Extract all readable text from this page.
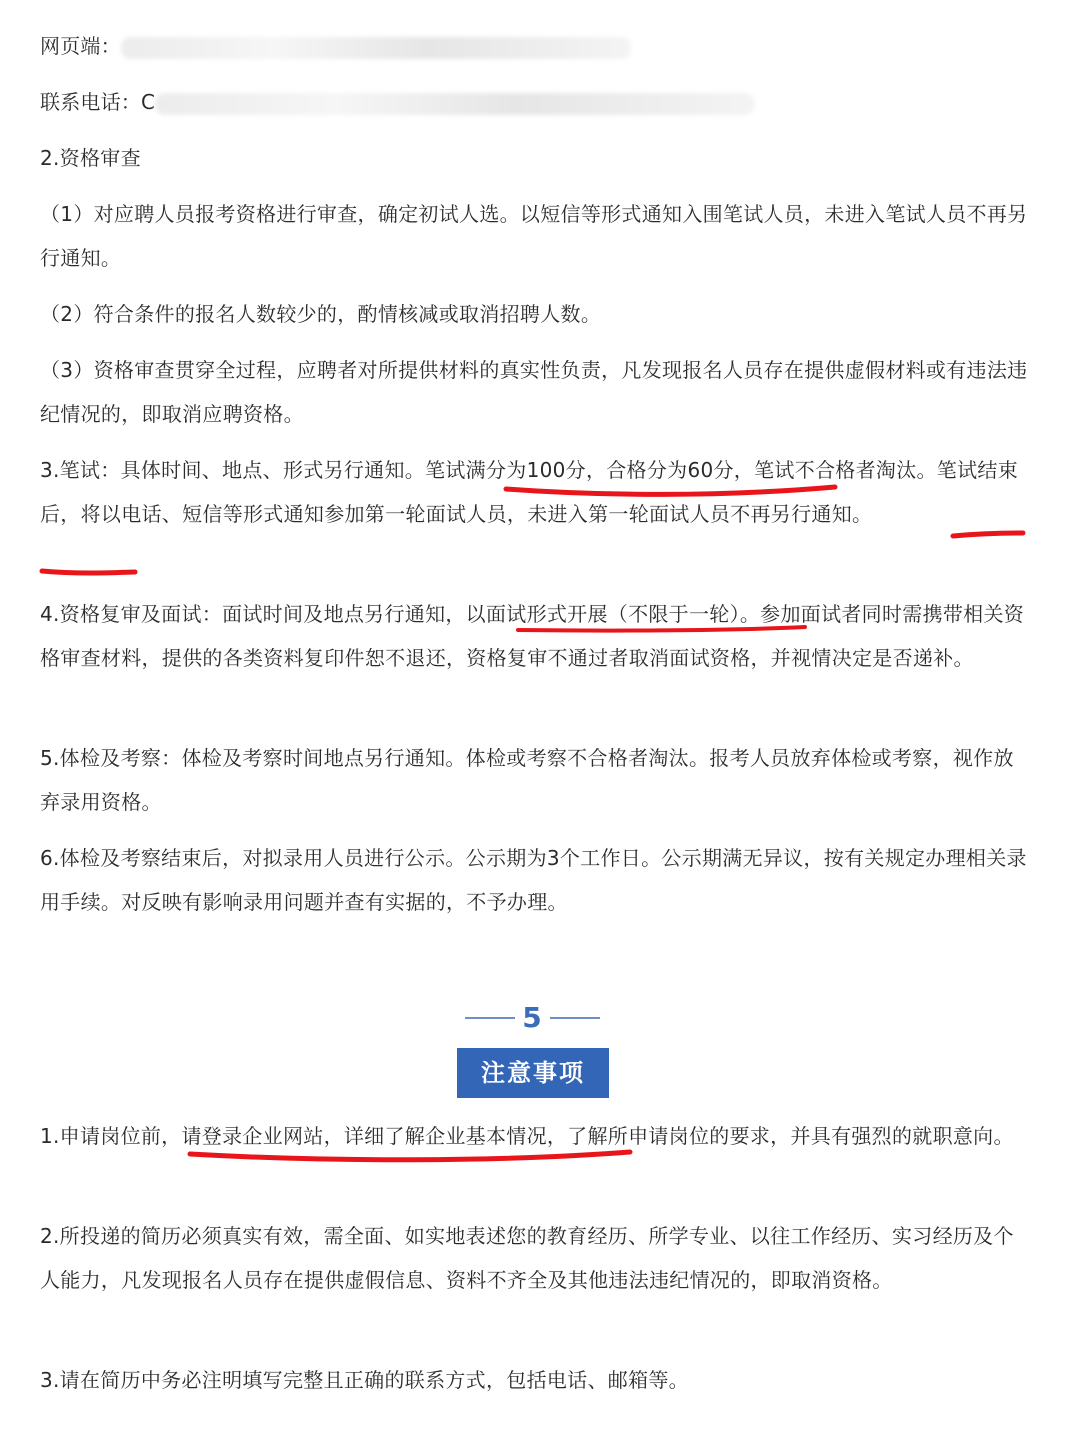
网页端：
联系电话：C
2.资格审查
（1）对应聘人员报考资格进行审查，确定初试人选。以短信等形式通知入围笔试人员，未进入笔试人员不再另行通知。
（2）符合条件的报名人数较少的，酌情核减或取消招聘人数。
（3）资格审查贯穿全过程，应聘者对所提供材料的真实性负责，凡发现报名人员存在提供虚假材料或有违法违纪情况的，即取消应聘资格。
3.笔试：具体时间、地点、形式另行通知。笔试满分为100分，合格分为60分，笔试不合格者淘汰。笔试结束后，将以电话、短信等形式通知参加第一轮面试人员，未进入第一轮面试人员不再另行通知。
4.资格复审及面试：面试时间及地点另行通知，以面试形式开展（不限于一轮）。参加面试者同时需携带相关资格审查材料，提供的各类资料复印件恕不退还，资格复审不通过者取消面试资格，并视情决定是否递补。
5.体检及考察：体检及考察时间地点另行通知。体检或考察不合格者淘汰。报考人员放弃体检或考察，视作放弃录用资格。
6.体检及考察结束后，对拟录用人员进行公示。公示期为3个工作日。公示期满无异议，按有关规定办理相关录用手续。对反映有影响录用问题并查有实据的，不予办理。
5
注意事项
1.申请岗位前，请登录企业网站，详细了解企业基本情况，了解所申请岗位的要求，并具有强烈的就职意向。
2.所投递的简历必须真实有效，需全面、如实地表述您的教育经历、所学专业、以往工作经历、实习经历及个人能力，凡发现报名人员存在提供虚假信息、资料不齐全及其他违法违纪情况的，即取消资格。
3.请在简历中务必注明填写完整且正确的联系方式，包括电话、邮箱等。
